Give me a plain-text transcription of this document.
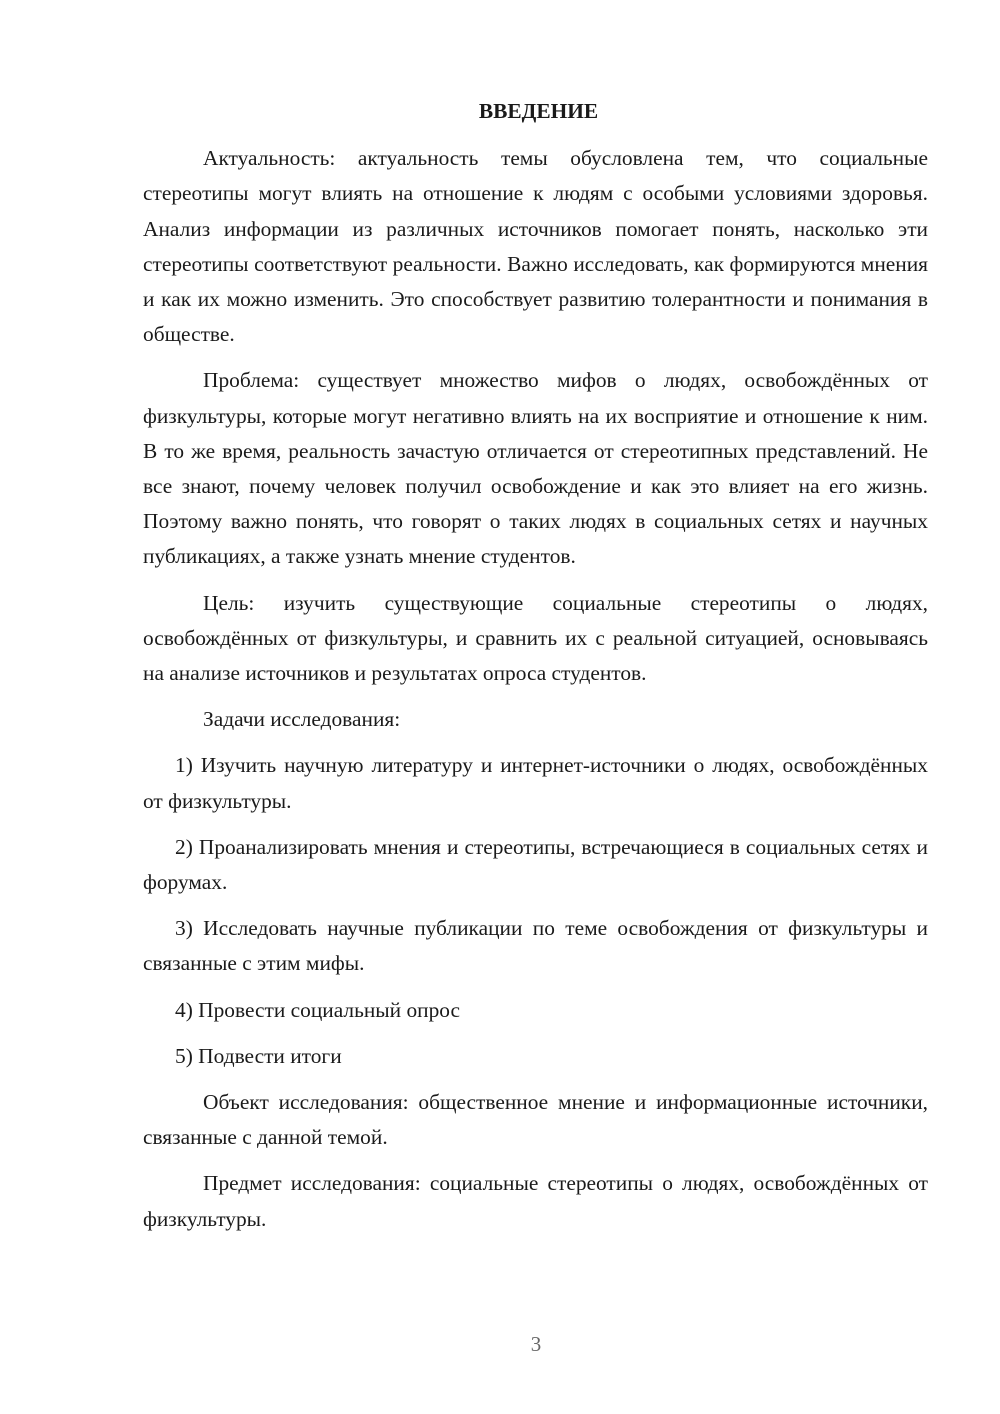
ВВЕДЕНИЕ

Актуальность: актуальность темы обусловлена тем, что социальные стереотипы могут влиять на отношение к людям с особыми условиями здоровья. Анализ информации из различных источников помогает понять, насколько эти стереотипы соответствуют реальности. Важно исследовать, как формируются мнения и как их можно изменить. Это способствует развитию толерантности и понимания в обществе.

Проблема: существует множество мифов о людях, освобождённых от физкультуры, которые могут негативно влиять на их восприятие и отношение к ним. В то же время, реальность зачастую отличается от стереотипных представлений. Не все знают, почему человек получил освобождение и как это влияет на его жизнь. Поэтому важно понять, что говорят о таких людях в социальных сетях и научных публикациях, а также узнать мнение студентов.

Цель: изучить существующие социальные стереотипы о людях, освобождённых от физкультуры, и сравнить их с реальной ситуацией, основываясь на анализе источников и результатах опроса студентов.

Задачи исследования:

1) Изучить научную литературу и интернет-источники о людях, освобождённых от физкультуры.

2) Проанализировать мнения и стереотипы, встречающиеся в социальных сетях и форумах.

3) Исследовать научные публикации по теме освобождения от физкультуры и связанные с этим мифы.

4) Провести социальный опрос

5) Подвести итоги

Объект исследования: общественное мнение и информационные источники, связанные с данной темой.

Предмет исследования: социальные стереотипы о людях, освобождённых от физкультуры.

3
